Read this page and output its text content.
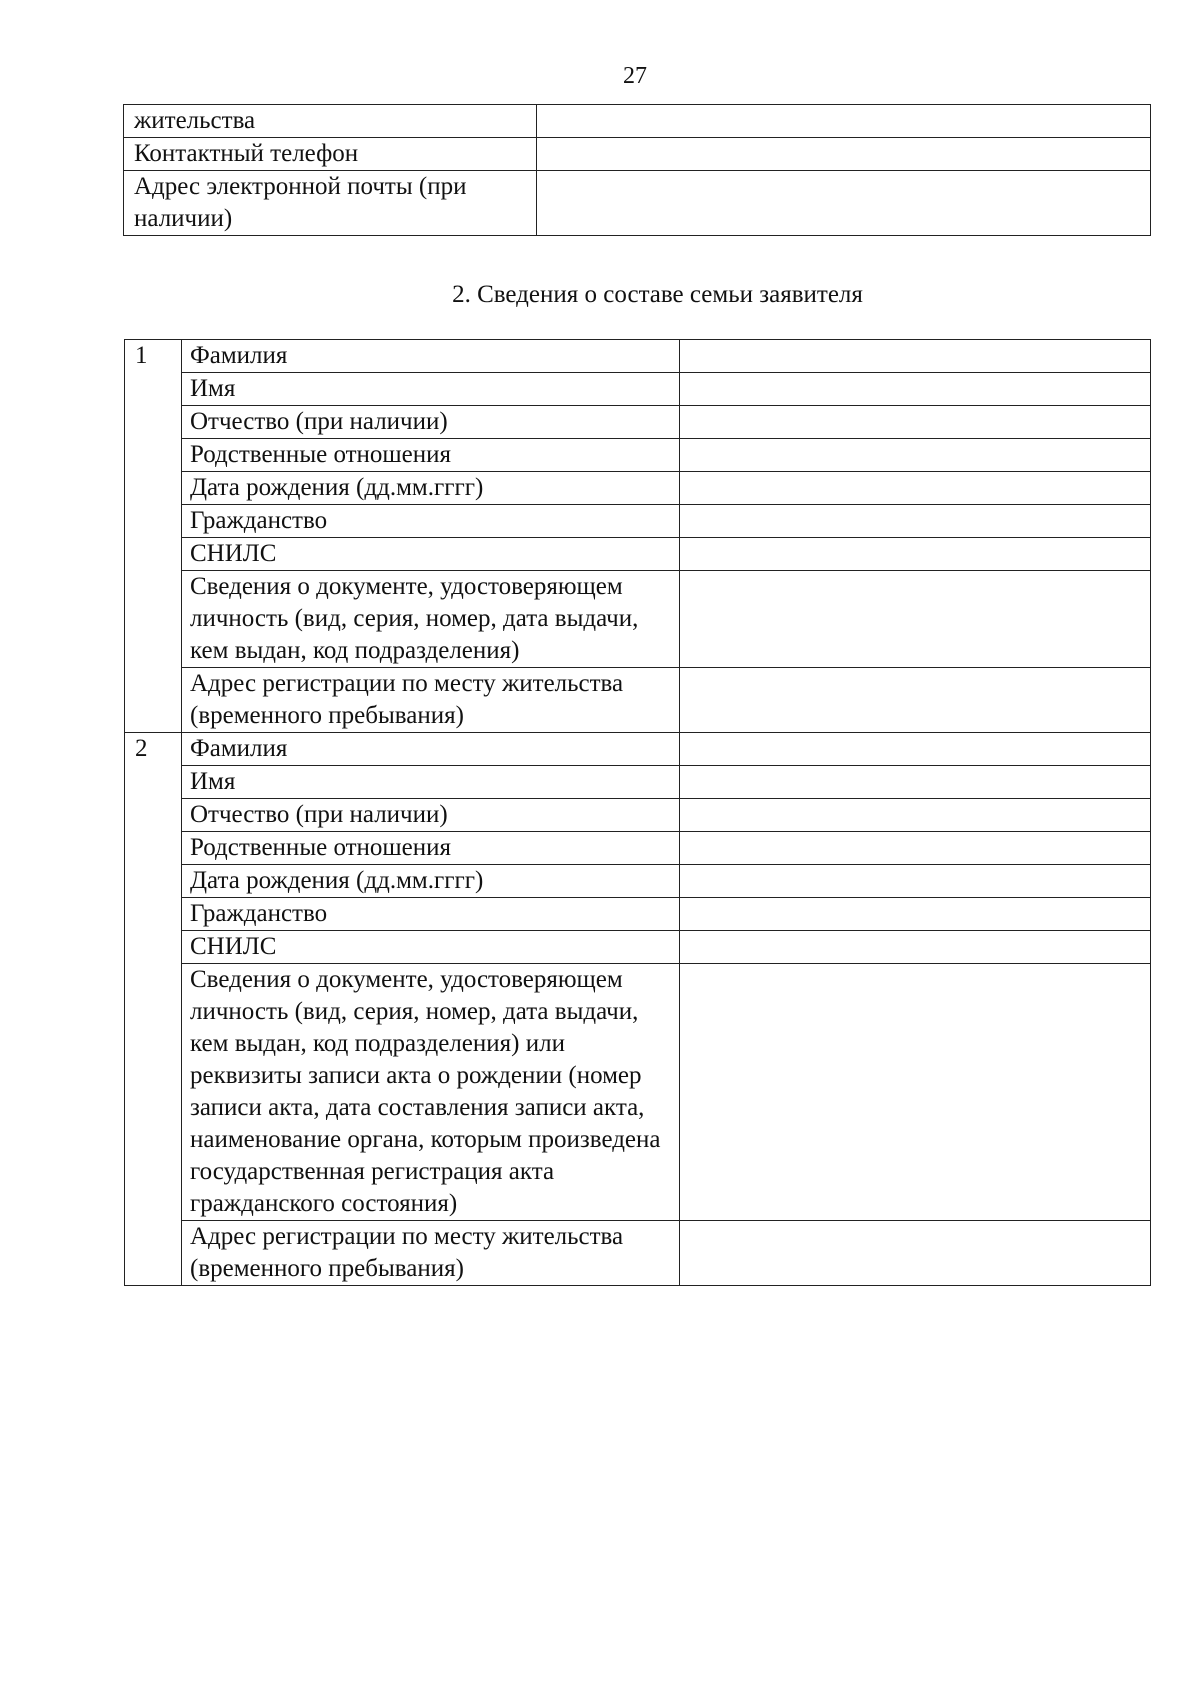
27
жительства	
Контактный телефон	
Адрес электронной почты (при наличии)	
2. Сведения о составе семьи заявителя
1	Фамилия	
	Имя	
	Отчество (при наличии)	
	Родственные отношения	
	Дата рождения (дд.мм.гггг)	
	Гражданство	
	СНИЛС	
	Сведения о документе, удостоверяющем личность (вид, серия, номер, дата выдачи, кем выдан, код подразделения)	
	Адрес регистрации по месту жительства (временного пребывания)	
2	Фамилия	
	Имя	
	Отчество (при наличии)	
	Родственные отношения	
	Дата рождения (дд.мм.гггг)	
	Гражданство	
	СНИЛС	
	Сведения о документе, удостоверяющем личность (вид, серия, номер, дата выдачи, кем выдан, код подразделения) или реквизиты записи акта о рождении (номер записи акта, дата составления записи акта, наименование органа, которым произведена государственная регистрация акта гражданского состояния)	
	Адрес регистрации по месту жительства (временного пребывания)	
